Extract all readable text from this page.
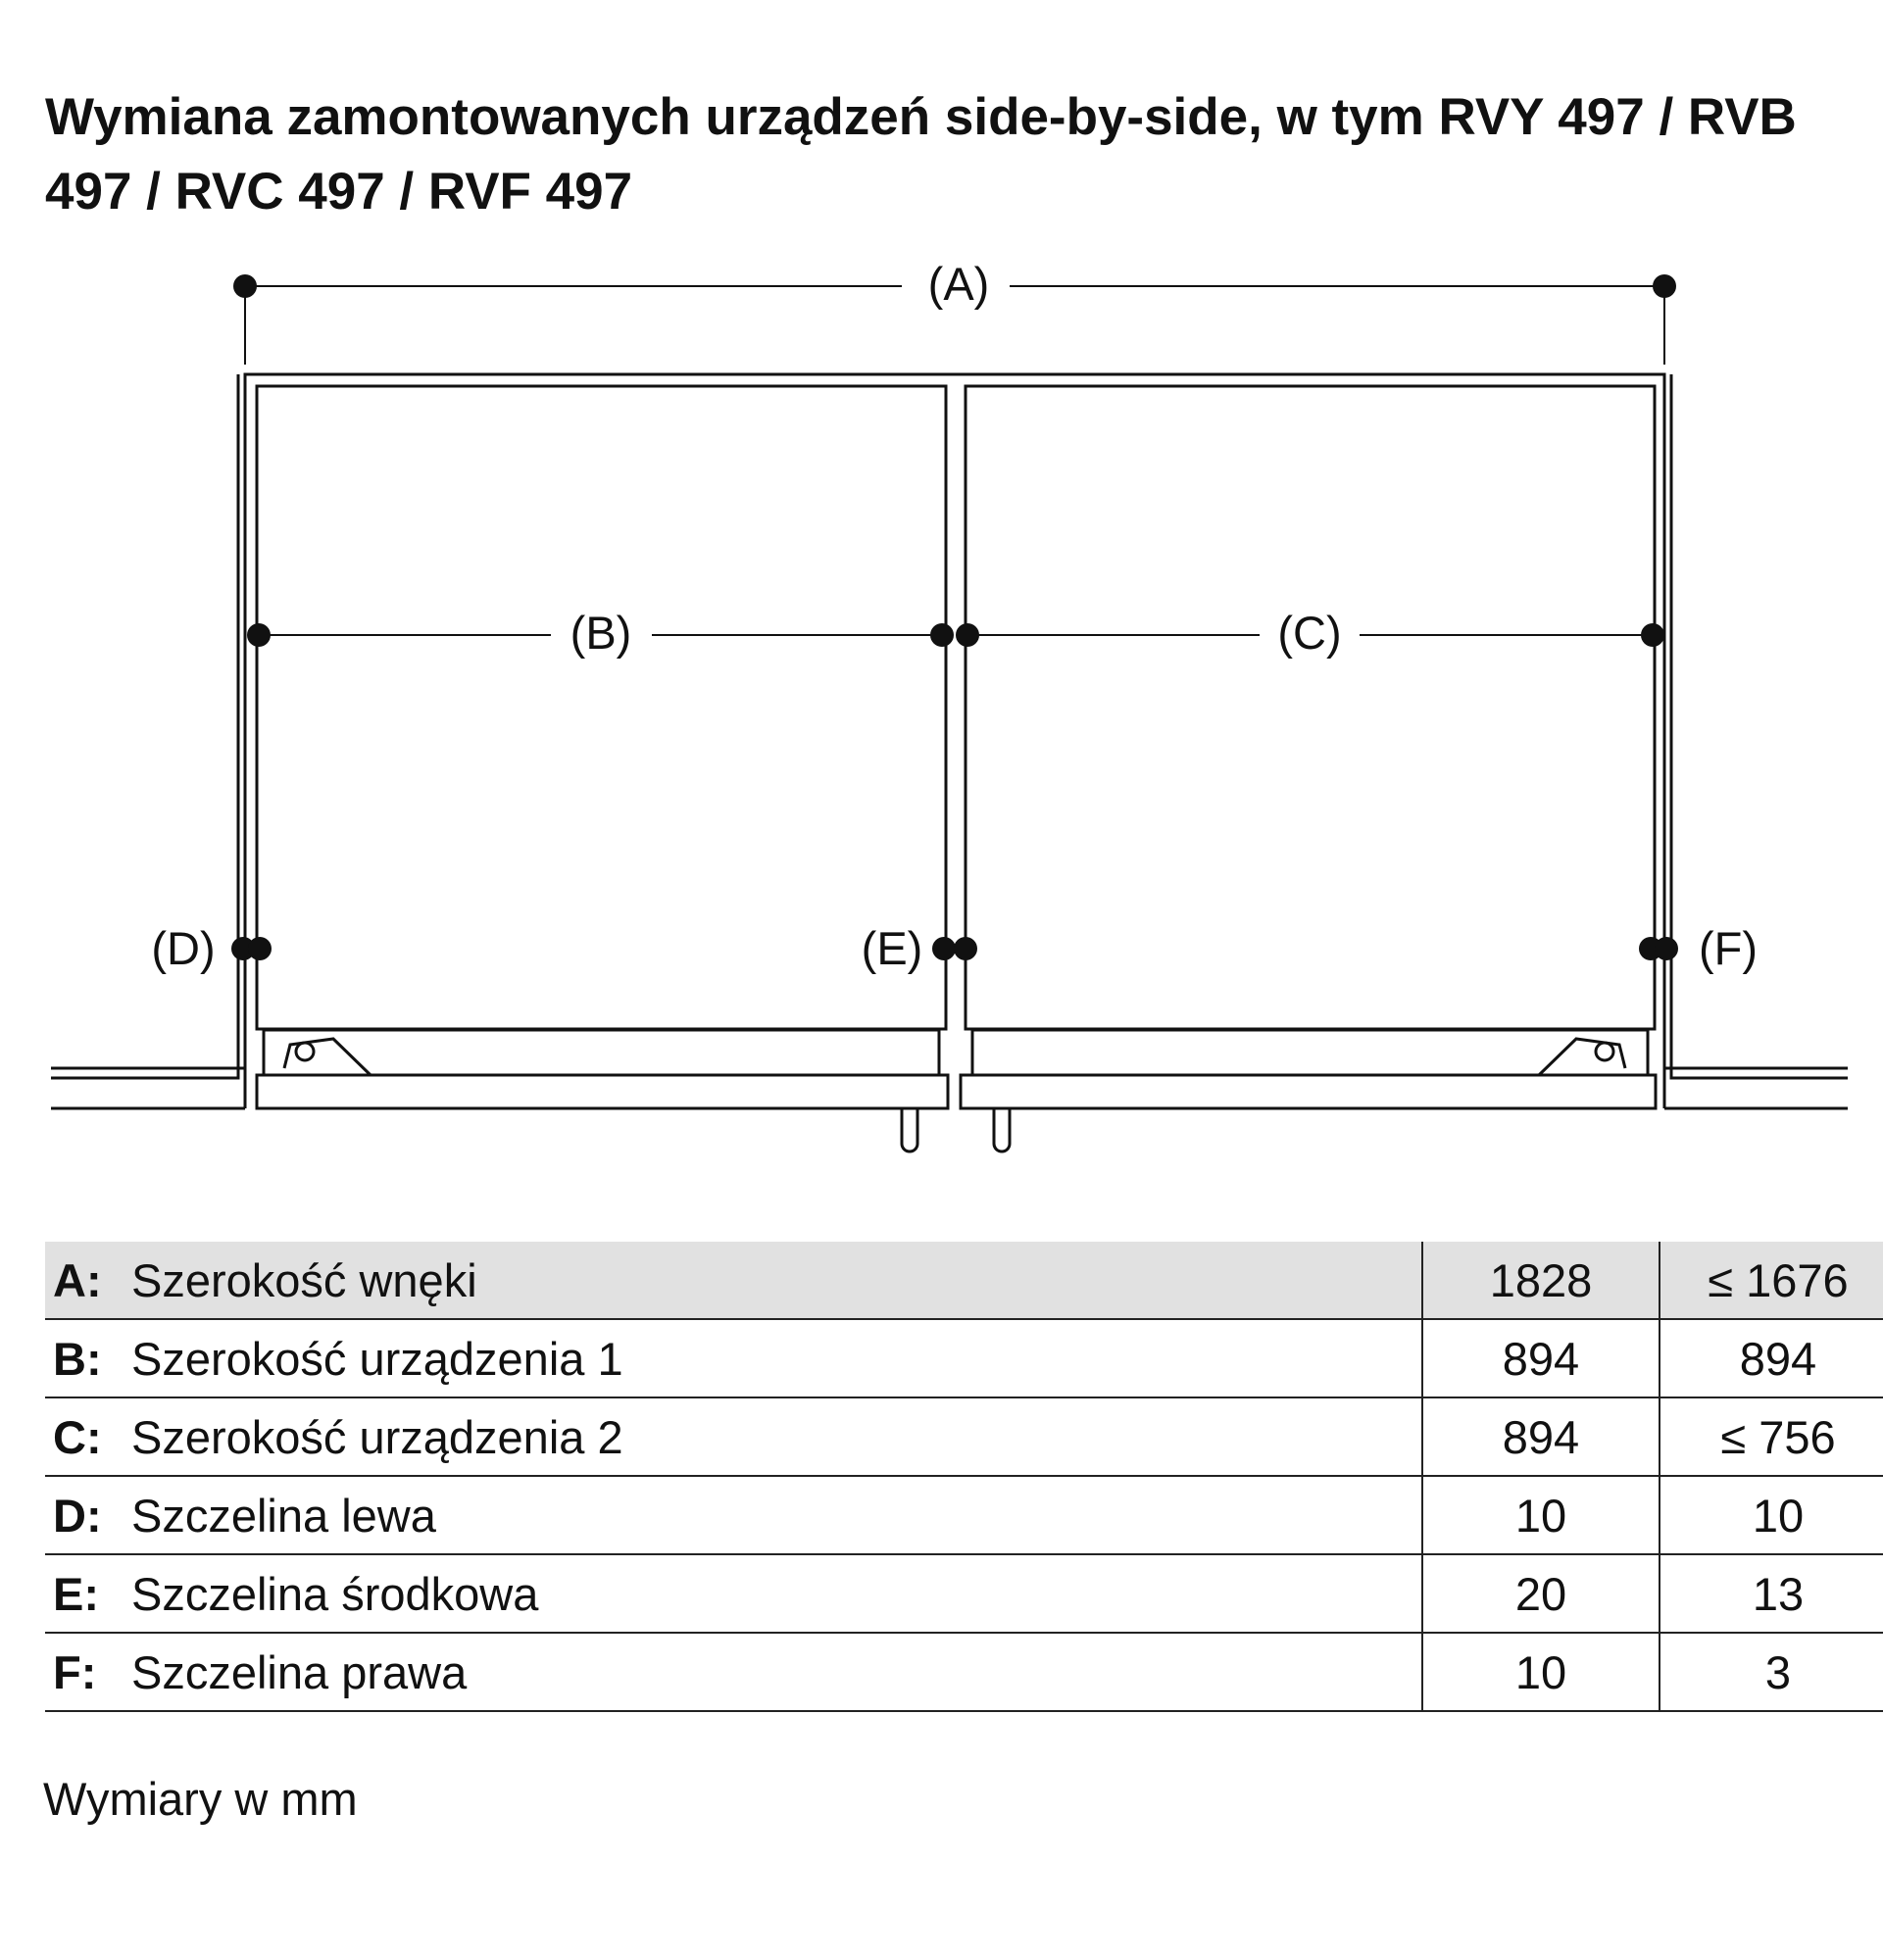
Wymiana zamontowanych urządzeń side-by-side, w tym RVY 497 / RVB 497 / RVC 497 / RVF 497
(A)
(B)	(C)
(D)	(E)	(F)
A:	Szerokość wnęki	1828	≤ 1676
B:	Szerokość urządzenia 1	894	894
C:	Szerokość urządzenia 2	894	≤ 756
D:	Szczelina lewa	10	10
E:	Szczelina środkowa	20	13
F:	Szczelina prawa	10	3

Wymiary w mm
